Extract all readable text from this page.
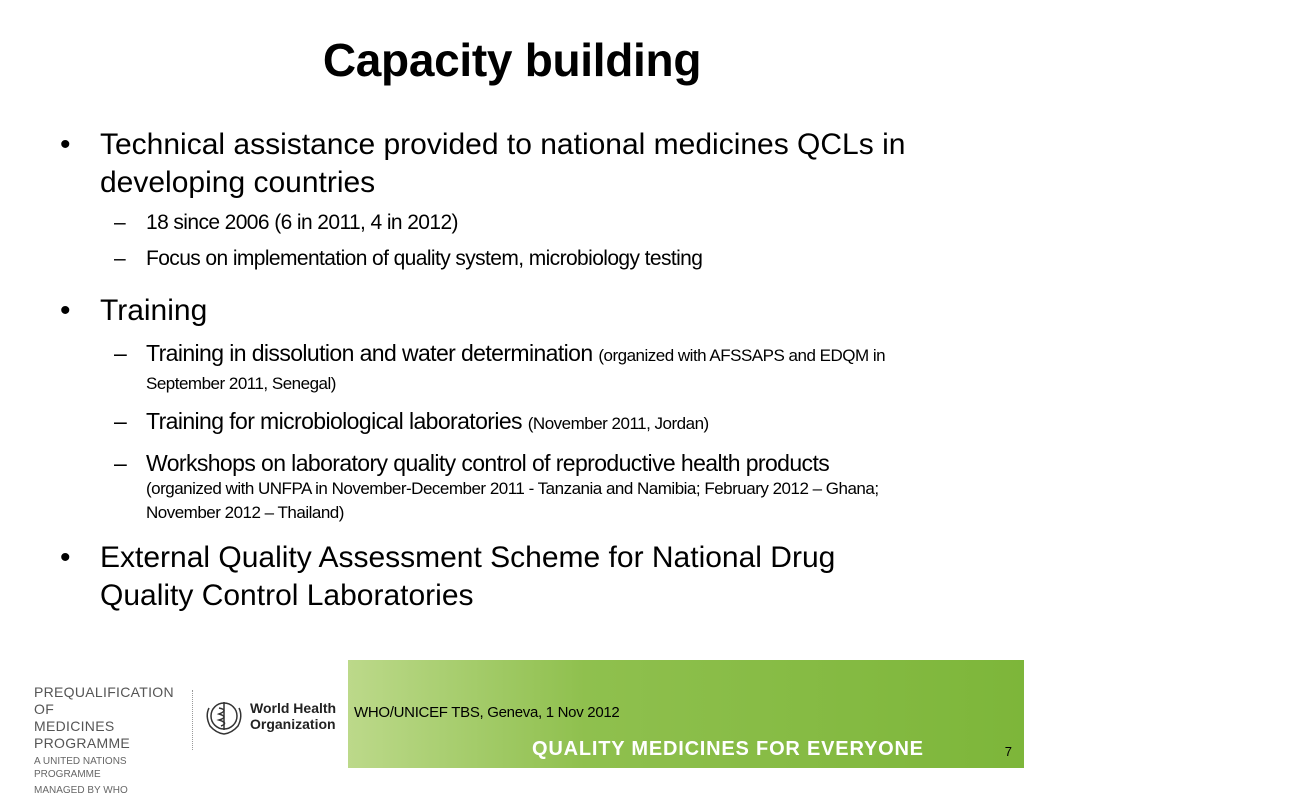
Capacity building
• Technical assistance provided to national medicines QCLs in developing countries
– 18 since 2006 (6 in 2011, 4 in 2012)
– Focus on implementation of quality system, microbiology testing
• Training
– Training in dissolution and water determination (organized with AFSSAPS and EDQM in September 2011, Senegal)
– Training for microbiological laboratories (November 2011, Jordan)
– Workshops on laboratory quality control of reproductive health products
(organized with UNFPA in November-December 2011 - Tanzania and Namibia; February 2012 – Ghana; November 2012 – Thailand)
• External Quality Assessment Scheme for National Drug Quality Control Laboratories
PQP
QUALITY MEDICINES FOR EVERYONE	7
PREQUALIFICATION OF
MEDICINES PROGRAMME
A UNITED NATIONS PROGRAMME
MANAGED BY WHO
World Health
Organization
WHO/UNICEF TBS, Geneva, 1 Nov 2012
